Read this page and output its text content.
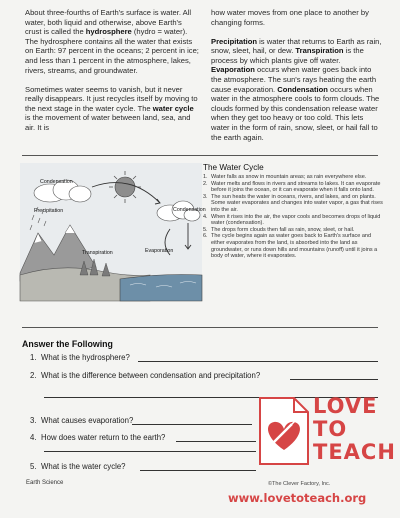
About three-fourths of Earth's surface is water. All water, both liquid and otherwise, above Earth's crust is called the hydrosphere (hydro = water). The hydrosphere contains all the water that exists on Earth: 97 percent in the oceans; 2 percent in ice; and less than 1 percent in the atmosphere, lakes, rivers, streams, and groundwater.

Sometimes water seems to vanish, but it never really disappears. It just recycles itself by moving to the next stage in the water cycle. The water cycle is the movement of water between land, sea, and air. It is

how water moves from one place to another by changing forms.

Precipitation is water that returns to Earth as rain, snow, sleet, hail, or dew. Transpiration is the process by which plants give off water. Evaporation occurs when water goes back into the atmosphere. The sun's rays heating the earth cause evaporation. Condensation occurs when water in the atmosphere cools to form clouds. The clouds formed by this condensation release water when they get too heavy or too cold. This lets water in the form of rain, snow, sleet, or hail fall to the earth again.

Condensation
Precipitation	Condensation
Transpiration	Evaporation
The Water Cycle
1. Water falls as snow in mountain areas; as rain everywhere else.
2. Water melts and flows in rivers and streams to lakes. It can evaporate before it joins the ocean, or it can evaporate when it falls onto land.
3. The sun heats the water in oceans, rivers, and lakes, and on plants. Some water evaporates and changes into water vapor, a gas that rises into the air.
4. When it rises into the air, the vapor cools and becomes drops of liquid water (condensation).
5. The drops form clouds then fall as rain, snow, sleet, or hail.
6. The cycle begins again as water goes back to Earth's surface and either evaporates from the land, is absorbed into the land as groundwater, or runs down hills and mountains (runoff) until it joins a body of water, where it evaporates.
Answer the Following
1. What is the hydrosphere?
2. What is the difference between condensation and precipitation?
3. What causes evaporation?
4. How does water return to the earth?
5. What is the water cycle?
Earth Science	©The Clever Factory, Inc.
LOVE
TO
TEACH
www.lovetoteach.org
